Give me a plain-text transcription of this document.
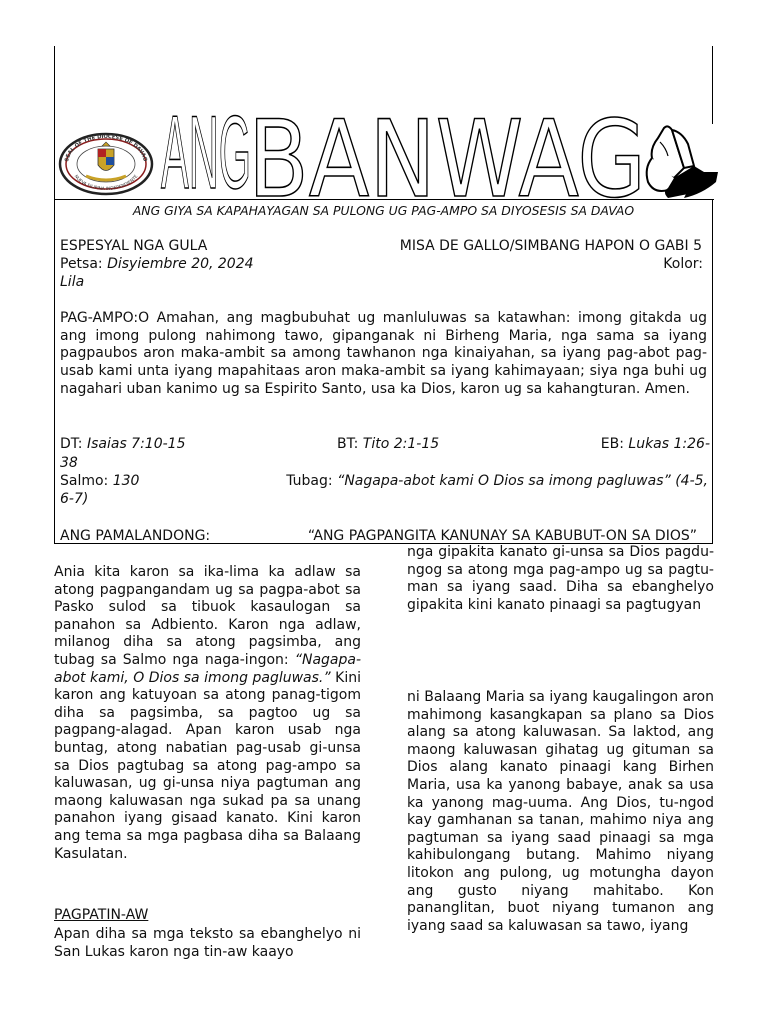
SEAL OF THE DIOCESE OF DAVAO
NUEVA FILIPINA INDEPENDIENTE ANG
BANWAG
ANG GIYA SA KAPAHAYAGAN SA PULONG UG PAG-AMPO SA DIYOSESIS SA DAVAO
ESPESYAL NGA GULA	MISA DE GALLO/SIMBANG HAPON O GABI 5
Petsa: Disyiembre 20, 2024	Kolor:
Lila
PAG-AMPO:O Amahan, ang magbubuhat ug manluluwas sa katawhan: imong gitakda ug ang imong pulong nahimong tawo, gipanganak ni Birheng Maria, nga sama sa iyang pagpaubos aron maka-ambit sa among tawhanon nga kinaiyahan, sa iyang pag-abot pag-usab kami unta iyang mapahitaas aron maka-ambit sa iyang kahimayaan; siya nga buhi ug nagahari uban kanimo ug sa Espirito Santo, usa ka Dios, karon ug sa kahangturan. Amen.
DT: Isaias 7:10-15	BT: Tito 2:1-15	EB: Lukas 1:26-
38
Salmo: 130	Tubag: “Nagapa-abot kami O Dios sa imong pagluwas” (4-5,
6-7)
ANG PAMALANDONG:	“ANG PAGPANGITA KANUNAY SA KABUBUT-ON SA DIOS”
Ania kita karon sa ika-lima ka adlaw sa atong pagpangandam ug sa pagpa-abot sa Pasko sulod sa tibuok kasaulogan sa panahon sa Adbiento. Karon nga adlaw, milanog diha sa atong pagsimba, ang tubag sa Salmo nga naga-ingon: “Nagapa-abot kami, O Dios sa imong pagluwas.” Kini karon ang katuyoan sa atong panag-tigom diha sa pagsimba, sa pagtoo ug sa pagpang-alagad. Apan karon usab nga buntag, atong nabatian pag-usab gi-unsa sa Dios pagtubag sa atong pag-ampo sa kaluwasan, ug gi-unsa niya pagtuman ang maong kaluwasan nga sukad pa sa unang panahon iyang gisaad kanato. Kini karon ang tema sa mga pagbasa diha sa Balaang Kasulatan.
PAGPATIN-AW
Apan diha sa mga teksto sa ebanghelyo ni San Lukas karon nga tin-aw kaayo
nga gipakita kanato gi-unsa sa Dios pagdu-ngog sa atong mga pag-ampo ug sa pagtu-man sa iyang saad. Diha sa ebanghelyo gipakita kini kanato pinaagi sa pagtugyan
ni Balaang Maria sa iyang kaugalingon aron mahimong kasangkapan sa plano sa Dios alang sa atong kaluwasan. Sa laktod, ang maong kaluwasan gihatag ug gituman sa Dios alang kanato pinaagi kang Birhen Maria, usa ka yanong babaye, anak sa usa ka yanong mag-uuma. Ang Dios, tu-ngod kay gamhanan sa tanan, mahimo niya ang pagtuman sa iyang saad pinaagi sa mga kahibulongang butang. Mahimo niyang litokon ang pulong, ug motungha dayon ang gusto niyang mahitabo. Kon pananglitan, buot niyang tumanon ang iyang saad sa kaluwasan sa tawo, iyang
